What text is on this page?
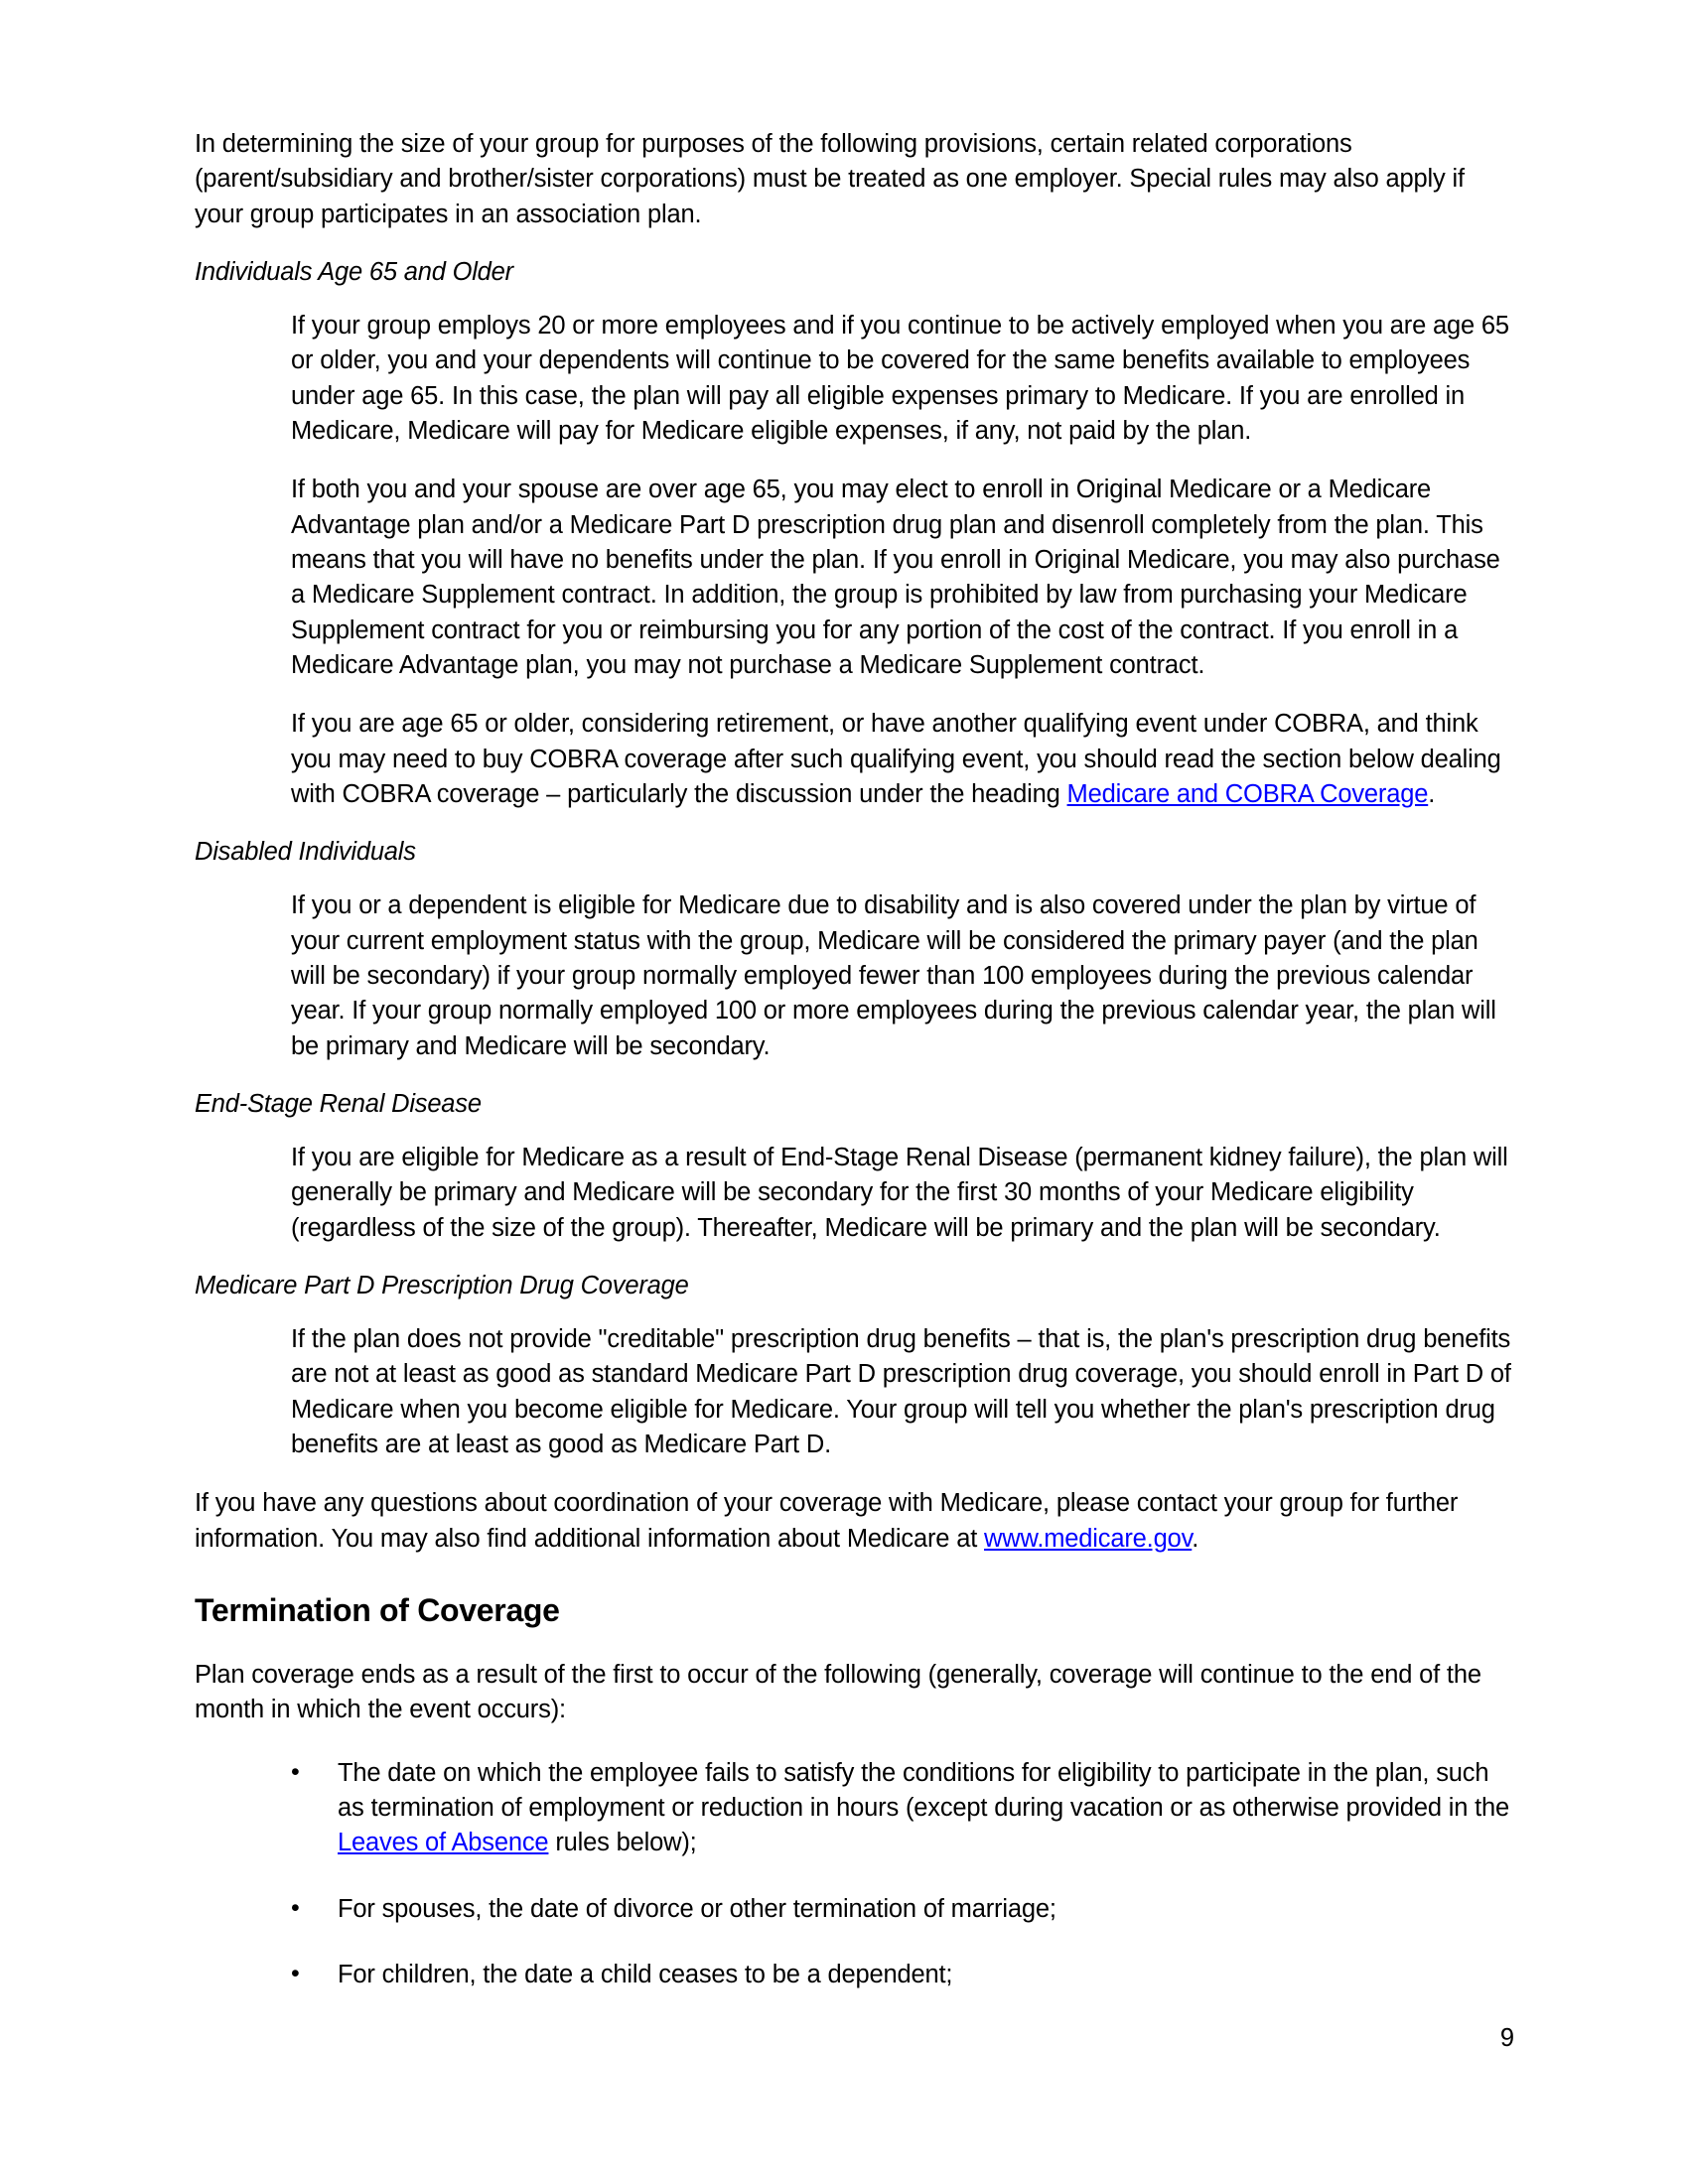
In determining the size of your group for purposes of the following provisions, certain related corporations (parent/subsidiary and brother/sister corporations) must be treated as one employer. Special rules may also apply if your group participates in an association plan.

Individuals Age 65 and Older

If your group employs 20 or more employees and if you continue to be actively employed when you are age 65 or older, you and your dependents will continue to be covered for the same benefits available to employees under age 65. In this case, the plan will pay all eligible expenses primary to Medicare. If you are enrolled in Medicare, Medicare will pay for Medicare eligible expenses, if any, not paid by the plan.

If both you and your spouse are over age 65, you may elect to enroll in Original Medicare or a Medicare Advantage plan and/or a Medicare Part D prescription drug plan and disenroll completely from the plan. This means that you will have no benefits under the plan. If you enroll in Original Medicare, you may also purchase a Medicare Supplement contract. In addition, the group is prohibited by law from purchasing your Medicare Supplement contract for you or reimbursing you for any portion of the cost of the contract. If you enroll in a Medicare Advantage plan, you may not purchase a Medicare Supplement contract.

If you are age 65 or older, considering retirement, or have another qualifying event under COBRA, and think you may need to buy COBRA coverage after such qualifying event, you should read the section below dealing with COBRA coverage – particularly the discussion under the heading Medicare and COBRA Coverage.

Disabled Individuals

If you or a dependent is eligible for Medicare due to disability and is also covered under the plan by virtue of your current employment status with the group, Medicare will be considered the primary payer (and the plan will be secondary) if your group normally employed fewer than 100 employees during the previous calendar year. If your group normally employed 100 or more employees during the previous calendar year, the plan will be primary and Medicare will be secondary.

End-Stage Renal Disease

If you are eligible for Medicare as a result of End-Stage Renal Disease (permanent kidney failure), the plan will generally be primary and Medicare will be secondary for the first 30 months of your Medicare eligibility (regardless of the size of the group). Thereafter, Medicare will be primary and the plan will be secondary.

Medicare Part D Prescription Drug Coverage

If the plan does not provide "creditable" prescription drug benefits – that is, the plan's prescription drug benefits are not at least as good as standard Medicare Part D prescription drug coverage, you should enroll in Part D of Medicare when you become eligible for Medicare. Your group will tell you whether the plan's prescription drug benefits are at least as good as Medicare Part D.

If you have any questions about coordination of your coverage with Medicare, please contact your group for further information. You may also find additional information about Medicare at www.medicare.gov.

Termination of Coverage

Plan coverage ends as a result of the first to occur of the following (generally, coverage will continue to the end of the month in which the event occurs):

• The date on which the employee fails to satisfy the conditions for eligibility to participate in the plan, such as termination of employment or reduction in hours (except during vacation or as otherwise provided in the Leaves of Absence rules below);
• For spouses, the date of divorce or other termination of marriage;
• For children, the date a child ceases to be a dependent;
9
